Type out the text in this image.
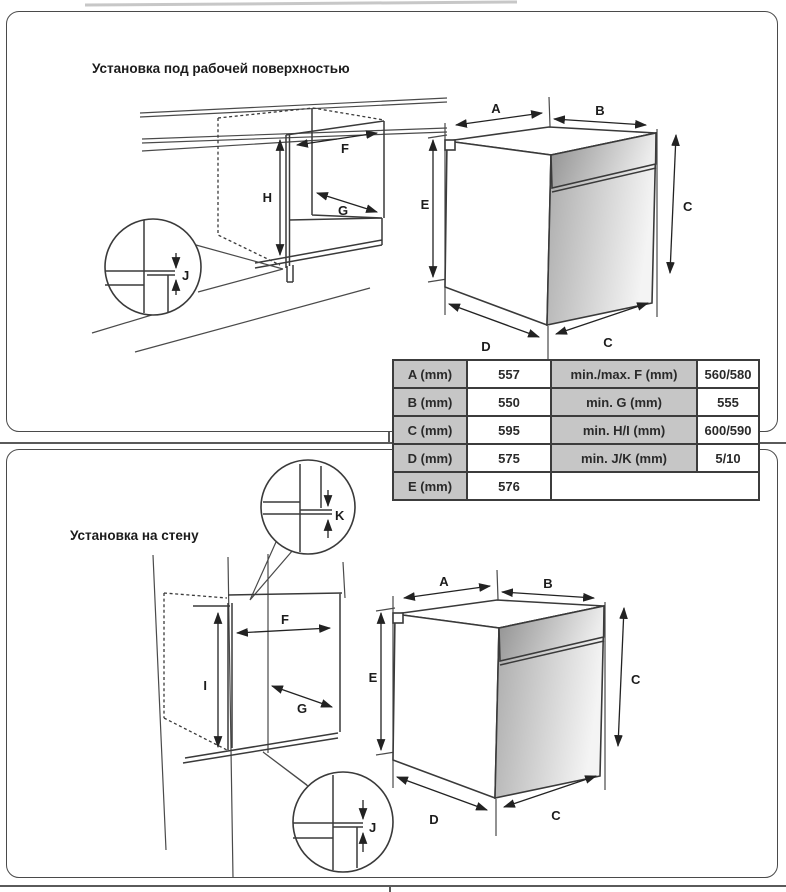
Установка под рабочей поверхностью
Установка на стену
F
H
G
J
K
F
I
G
J
A (mm)	557	min./max. F (mm)	560/580
B (mm)	550	min. G (mm)	555
C (mm)	595	min. H/I (mm)	600/590
D (mm)	575	min. J/K (mm)	5/10
E (mm)	576		
